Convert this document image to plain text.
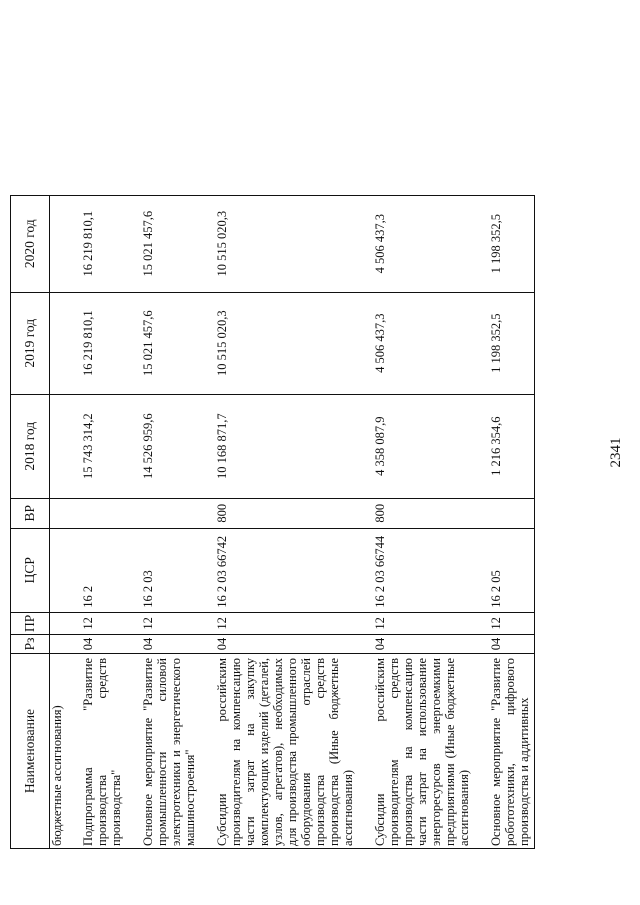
Наименование	Рз	ПР	ЦСР	ВР	2018 год	2019 год	2020 год
бюджетные ассигнования)							

Подпрограмма "Развитие производства средств производства"	04	12	16 2		15 743 314,2	16 219 810,1	16 219 810,1

Основное мероприятие "Развитие промышленности силовой электротехники и энергетического машиностроения"	04	12	16 2 03		14 526 959,6	15 021 457,6	15 021 457,6

Субсидии российским производителям на компенсацию части затрат на закупку комплектующих изделий (деталей, узлов, агрегатов), необходимых для производства промышленного оборудования отраслей производства средств производства (Иные бюджетные ассигнования)	04	12	16 2 03 66742	800	10 168 871,7	10 515 020,3	10 515 020,3

Субсидии российским производителям средств производства на компенсацию части затрат на использование энергоресурсов энергоемкими предприятиями (Иные бюджетные ассигнования)	04	12	16 2 03 66744	800	4 358 087,9	4 506 437,3	4 506 437,3

Основное мероприятие "Развитие робототехники, цифрового производства и аддитивных	04	12	16 2 05		1 216 354,6	1 198 352,5	1 198 352,5
2341
